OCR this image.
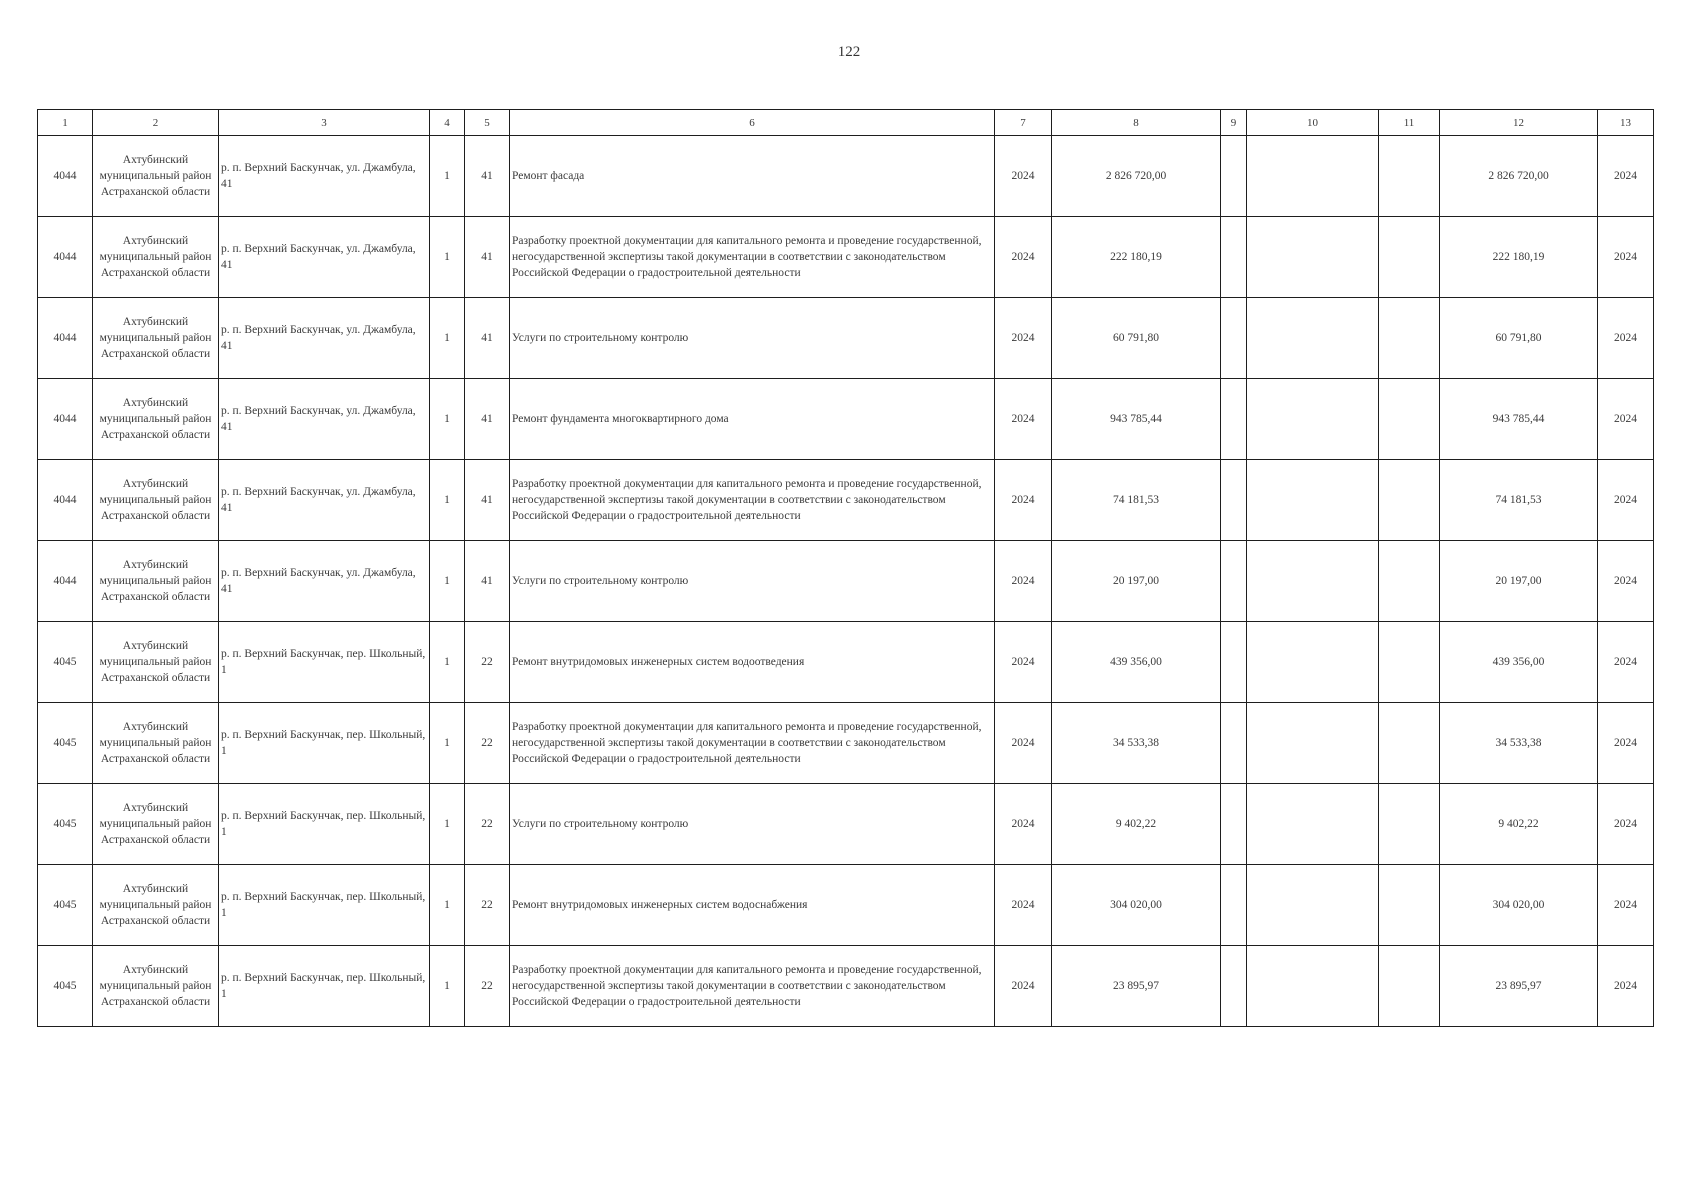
122
1	2	3	4	5	6	7	8	9	10	11	12	13
4044	Ахтубинский муниципальный район Астраханской области	р. п. Верхний Баскунчак, ул. Джамбула, 41	1	41	Ремонт фасада	2024	2 826 720,00				2 826 720,00	2024
4044	Ахтубинский муниципальный район Астраханской области	р. п. Верхний Баскунчак, ул. Джамбула, 41	1	41	Разработку проектной документации для капитального ремонта и проведение государственной, негосударственной экспертизы такой документации в соответствии с законодательством Российской Федерации о градостроительной деятельности	2024	222 180,19				222 180,19	2024
4044	Ахтубинский муниципальный район Астраханской области	р. п. Верхний Баскунчак, ул. Джамбула, 41	1	41	Услуги по строительному контролю	2024	60 791,80				60 791,80	2024
4044	Ахтубинский муниципальный район Астраханской области	р. п. Верхний Баскунчак, ул. Джамбула, 41	1	41	Ремонт фундамента многоквартирного дома	2024	943 785,44				943 785,44	2024
4044	Ахтубинский муниципальный район Астраханской области	р. п. Верхний Баскунчак, ул. Джамбула, 41	1	41	Разработку проектной документации для капитального ремонта и проведение государственной, негосударственной экспертизы такой документации в соответствии с законодательством Российской Федерации о градостроительной деятельности	2024	74 181,53				74 181,53	2024
4044	Ахтубинский муниципальный район Астраханской области	р. п. Верхний Баскунчак, ул. Джамбула, 41	1	41	Услуги по строительному контролю	2024	20 197,00				20 197,00	2024
4045	Ахтубинский муниципальный район Астраханской области	р. п. Верхний Баскунчак, пер. Школьный, 1	1	22	Ремонт внутридомовых инженерных систем водоотведения	2024	439 356,00				439 356,00	2024
4045	Ахтубинский муниципальный район Астраханской области	р. п. Верхний Баскунчак, пер. Школьный, 1	1	22	Разработку проектной документации для капитального ремонта и проведение государственной, негосударственной экспертизы такой документации в соответствии с законодательством Российской Федерации о градостроительной деятельности	2024	34 533,38				34 533,38	2024
4045	Ахтубинский муниципальный район Астраханской области	р. п. Верхний Баскунчак, пер. Школьный, 1	1	22	Услуги по строительному контролю	2024	9 402,22				9 402,22	2024
4045	Ахтубинский муниципальный район Астраханской области	р. п. Верхний Баскунчак, пер. Школьный, 1	1	22	Ремонт внутридомовых инженерных систем водоснабжения	2024	304 020,00				304 020,00	2024
4045	Ахтубинский муниципальный район Астраханской области	р. п. Верхний Баскунчак, пер. Школьный, 1	1	22	Разработку проектной документации для капитального ремонта и проведение государственной, негосударственной экспертизы такой документации в соответствии с законодательством Российской Федерации о градостроительной деятельности	2024	23 895,97				23 895,97	2024
